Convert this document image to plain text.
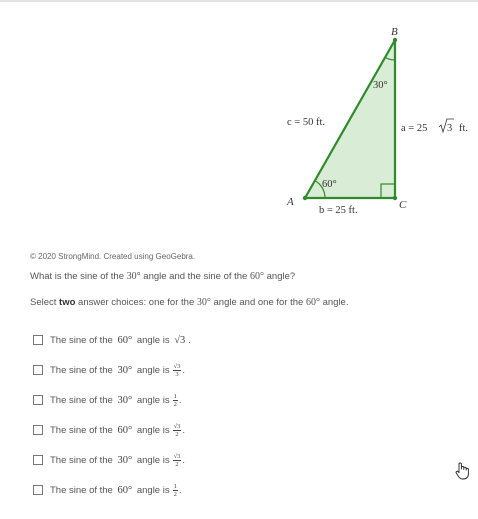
B
A	C
30°
60°
c = 50 ft.
a = 25 3 ft.
b = 25 ft.
© 2020 StrongMind. Created using GeoGebra.
What is the sine of the 30° angle and the sine of the 60° angle?
Select two answer choices: one for the 30° angle and one for the 60° angle.
The sine of the
60°
angle is
√3 .
The sine of the
30°
angle is $\frac{√3}{3}$ .
The sine of the
30°
angle is $\frac{1}{2}$ .
The sine of the
60°
angle is $\frac{√3}{2}$ .
The sine of the
30°
angle is $\frac{√3}{2}$ .
The sine of the
60°
angle is $\frac{1}{2}$ .
